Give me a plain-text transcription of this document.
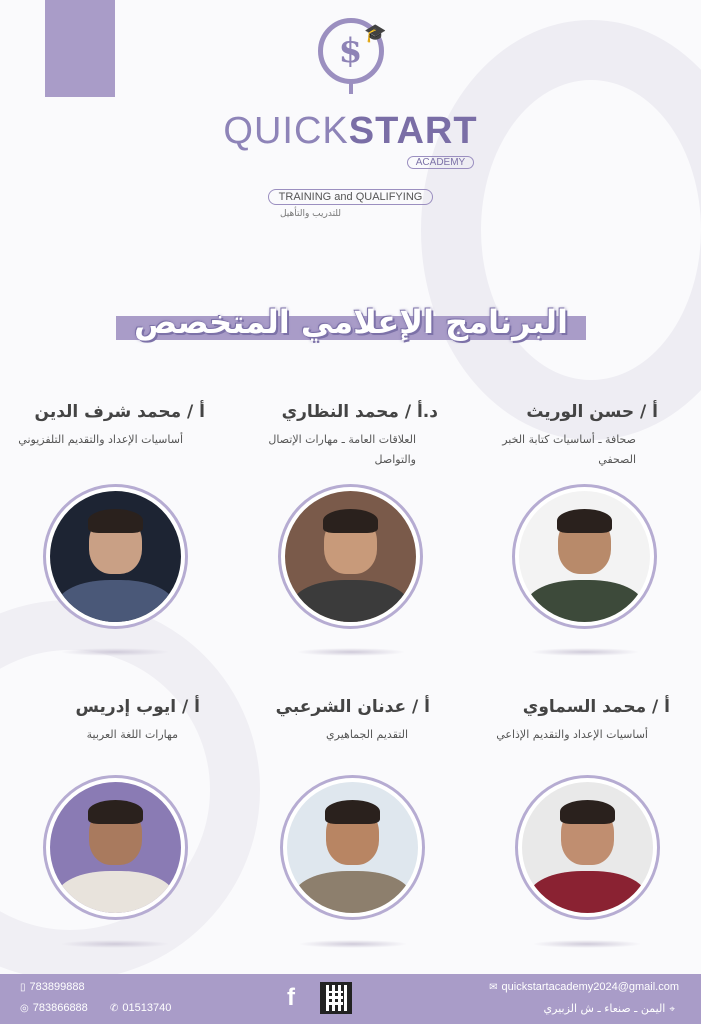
$ 🎓
QUICKSTART
ACADEMY
TRAINING and QUALIFYING
للتدريب والتأهيل
البرنامج الإعلامي المتخصص
أ / حسن الوريث
صحافة ـ أساسيات كتابة الخبر الصحفي
د.أ / محمد النظاري
العلاقات العامة ـ مهارات الإتصال والتواصل
أ / محمد شرف الدين
أساسيات الإعداد والتقديم التلفزيوني
أ / محمد السماوي
أساسيات الإعداد والتقديم الإذاعي
أ / عدنان الشرعبي
التقديم الجماهيري
أ / ايوب إدريس
مهارات اللغة العربية
▯ 783899888
◎ 783866888	✆ 01513740	f	✉ quickstartacademy2024@gmail.com
⌖اليمن ـ صنعاء ـ ش الزبيري
